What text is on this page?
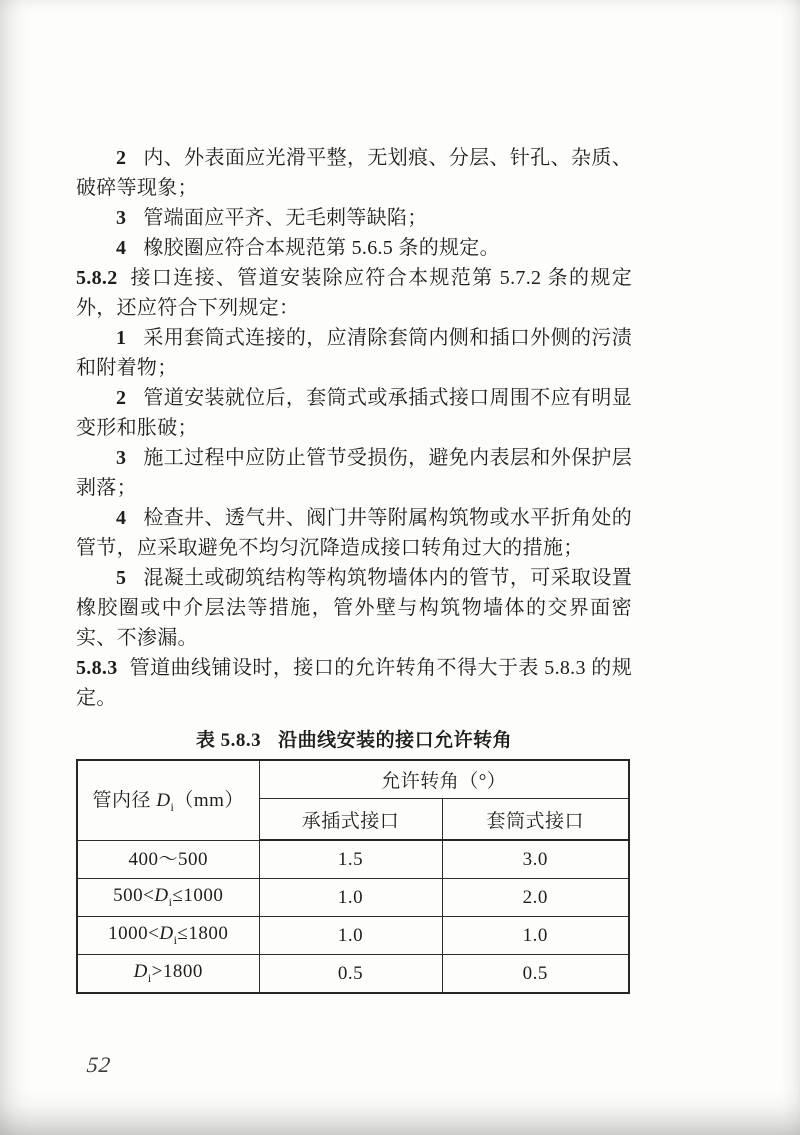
2 内、外表面应光滑平整，无划痕、分层、针孔、杂质、破碎等现象；

3 管端面应平齐、无毛刺等缺陷；

4 橡胶圈应符合本规范第 5.6.5 条的规定。

5.8.2 接口连接、管道安装除应符合本规范第 5.7.2 条的规定外，还应符合下列规定：

1 采用套筒式连接的，应清除套筒内侧和插口外侧的污渍和附着物；

2 管道安装就位后，套筒式或承插式接口周围不应有明显变形和胀破；

3 施工过程中应防止管节受损伤，避免内表层和外保护层剥落；

4 检查井、透气井、阀门井等附属构筑物或水平折角处的管节，应采取避免不均匀沉降造成接口转角过大的措施；

5 混凝土或砌筑结构等构筑物墙体内的管节，可采取设置橡胶圈或中介层法等措施，管外壁与构筑物墙体的交界面密实、不渗漏。

5.8.3 管道曲线铺设时，接口的允许转角不得大于表 5.8.3 的规定。

表 5.8.3 沿曲线安装的接口允许转角
管内径 $D_i(mm)$	允许转角（°）	
	承插式接口	套筒式接口
400～500	1.5	3.0
$500<D_i\le 1000$	1.0	2.0
$1000<D_i\le 1800$	1.0	1.0
$D_i>1800$	0.5	0.5
52
